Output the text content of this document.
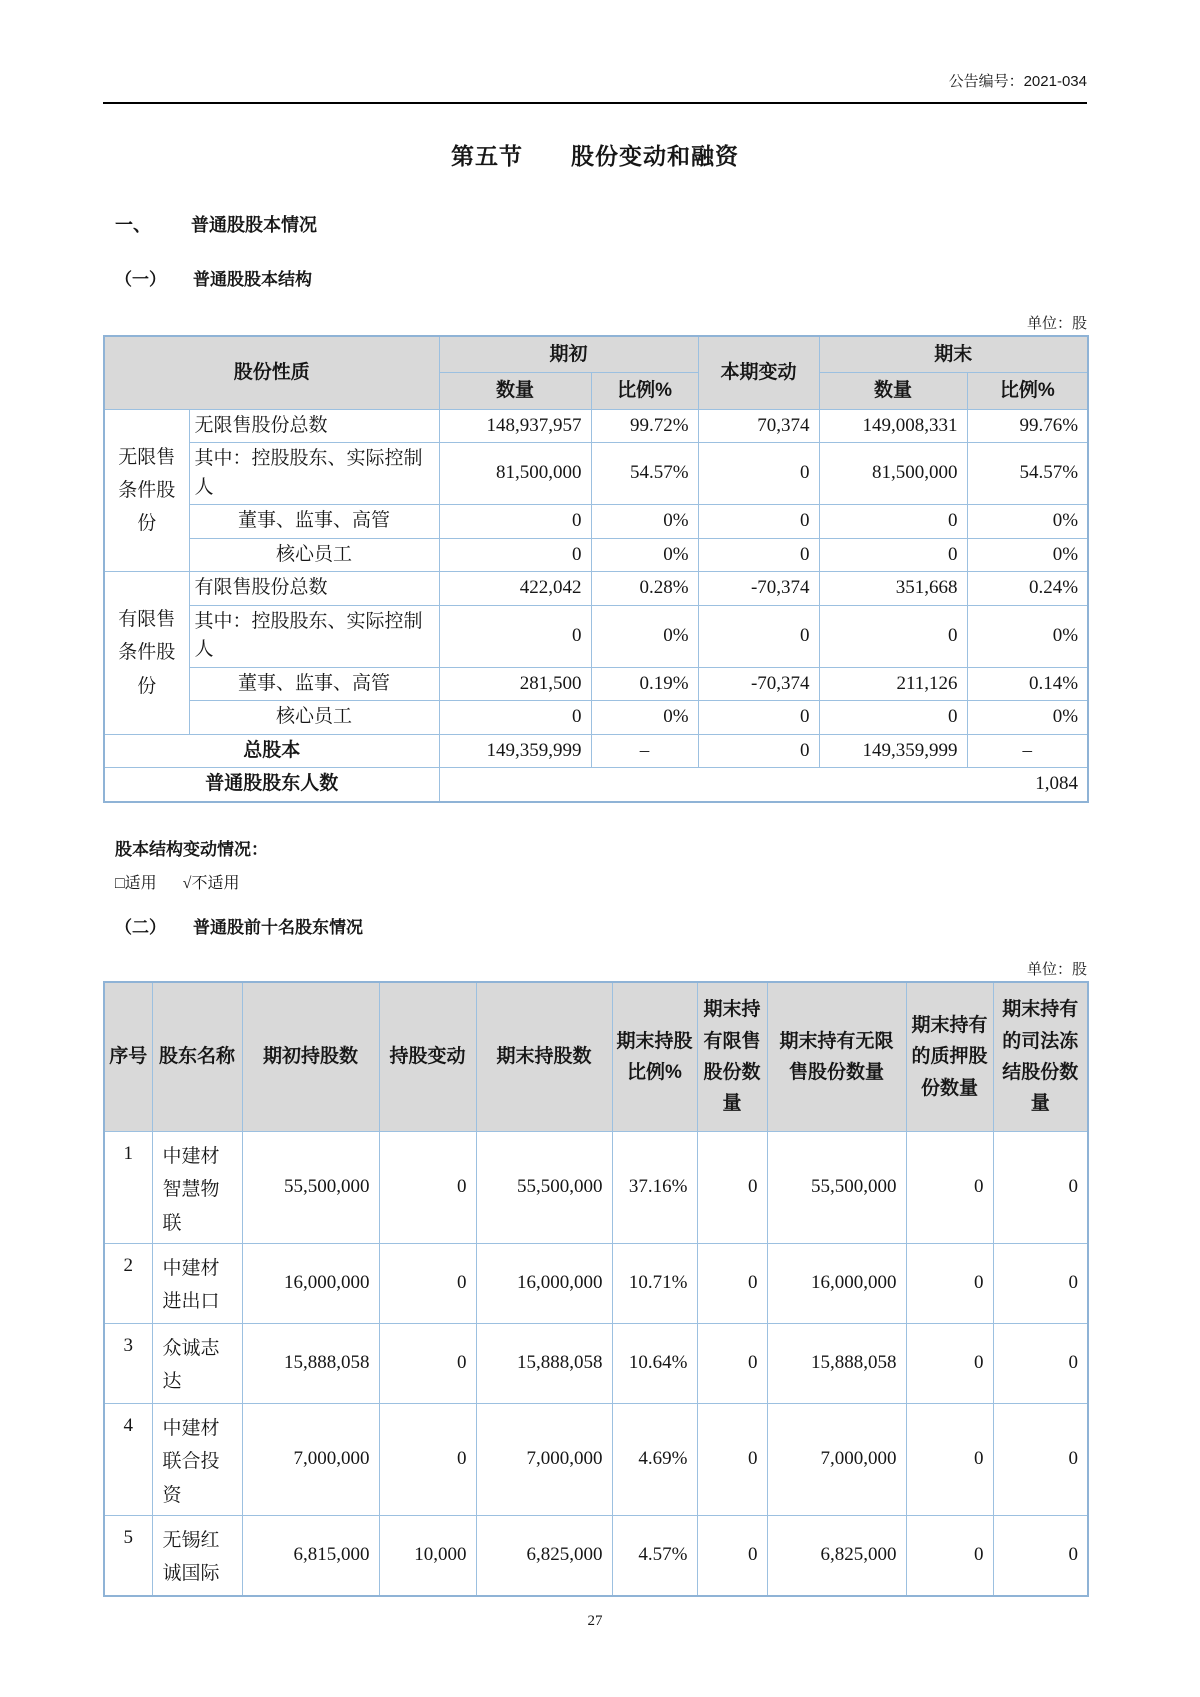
公告编号：2021-034
第五节　　股份变动和融资
一、	普通股股本情况
（一）	普通股股本结构
单位：股
股份性质		期初		本期变动	期末	
		数量	比例%		数量	比例%
无限售条件股份	无限售股份总数	148,937,957	99.72%	70,374	149,008,331	99.76%
	其中：控股股东、实际控制人	81,500,000	54.57%	0	81,500,000	54.57%
	董事、监事、高管	0	0%	0	0	0%
	核心员工	0	0%	0	0	0%
有限售条件股份	有限售股份总数	422,042	0.28%	-70,374	351,668	0.24%
	其中：控股股东、实际控制人	0	0%	0	0	0%
	董事、监事、高管	281,500	0.19%	-70,374	211,126	0.14%
	核心员工	0	0%	0	0	0%
总股本		149,359,999	–	0	149,359,999	–
普通股股东人数		1,084				
股本结构变动情况：
□适用 √不适用
（二）	普通股前十名股东情况
单位：股
序号	股东名称	期初持股数	持股变动	期末持股数	期末持股比例%	期末持有限售股份数量	期末持有无限售股份数量	期末持有的质押股份数量	期末持有的司法冻结股份数量
1	中建材智慧物联	55,500,000	0	55,500,000	37.16%	0	55,500,000	0	0
2	中建材进出口	16,000,000	0	16,000,000	10.71%	0	16,000,000	0	0
3	众诚志达	15,888,058	0	15,888,058	10.64%	0	15,888,058	0	0
4	中建材联合投资	7,000,000	0	7,000,000	4.69%	0	7,000,000	0	0
5	无锡红诚国际	6,815,000	10,000	6,825,000	4.57%	0	6,825,000	0	0
27
